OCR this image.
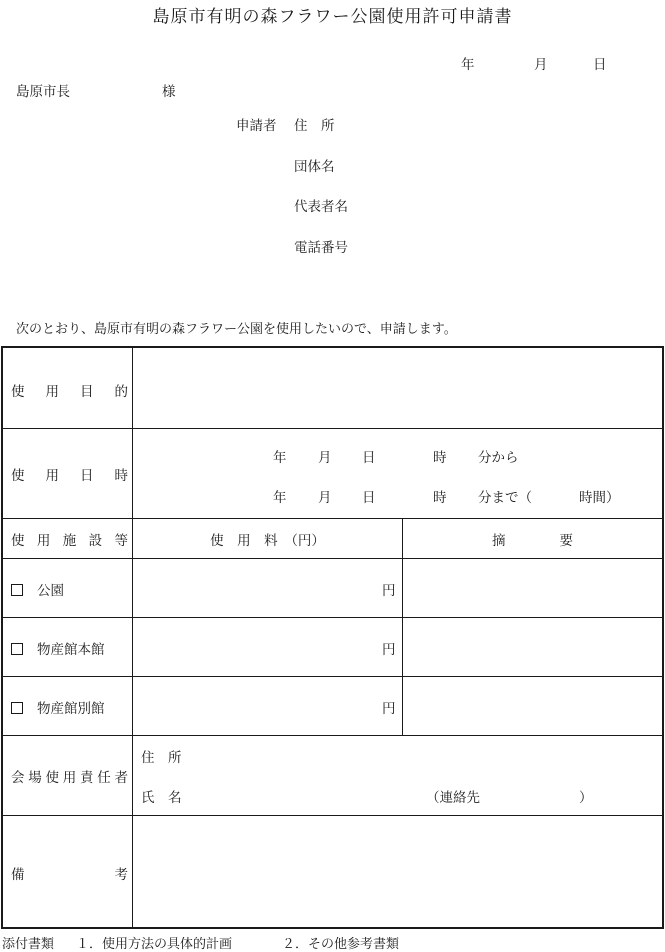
島原市有明の森フラワー公園使用許可申請書
年	月	日
島原市長	様
申請者 住　所
団体名
代表者名
電話番号
次のとおり、島原市有明の森フラワー公園を使用したいので、申請します。
使 用 目 的
使 用 日 時
年 月 日	時 分から
年 月 日	時 分まで（	時間）
使 用 施 設 等	使　用　料　（円）	摘　　　　要
公園	円
物産館本館	円
物産館別館	円
会 場 使 用 責 任 者
住　所
氏　名	（連絡先	）
備	考
添付書類 １．使用方法の具体的計画	２．その他参考書類
